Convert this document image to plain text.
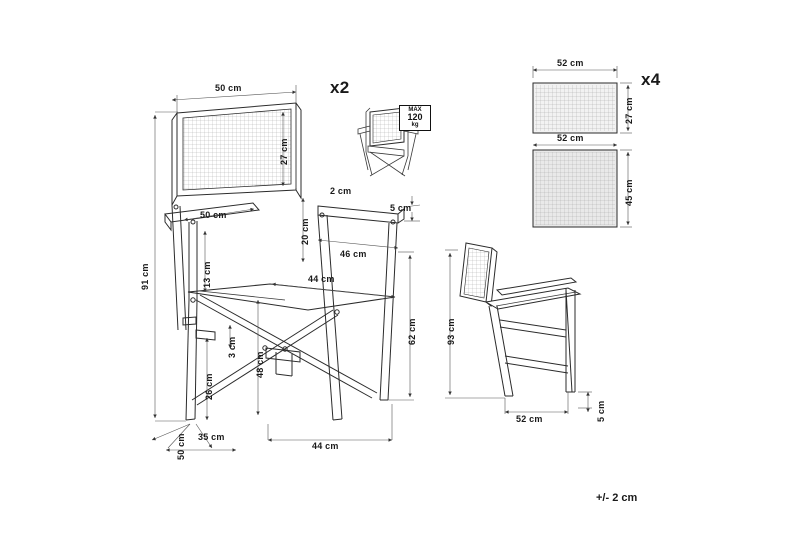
x2	x4
MAX
120
kg
50 cm
27 cm
91 cm
50 cm
20 cm
2 cm
5 cm
46 cm
44 cm
13 cm
48 cm
62 cm
26 cm
3 cm
50 cm 35 cm
44 cm
93 cm
52 cm	5 cm
52 cm
27 cm
52 cm
45 cm
+/- 2 cm
